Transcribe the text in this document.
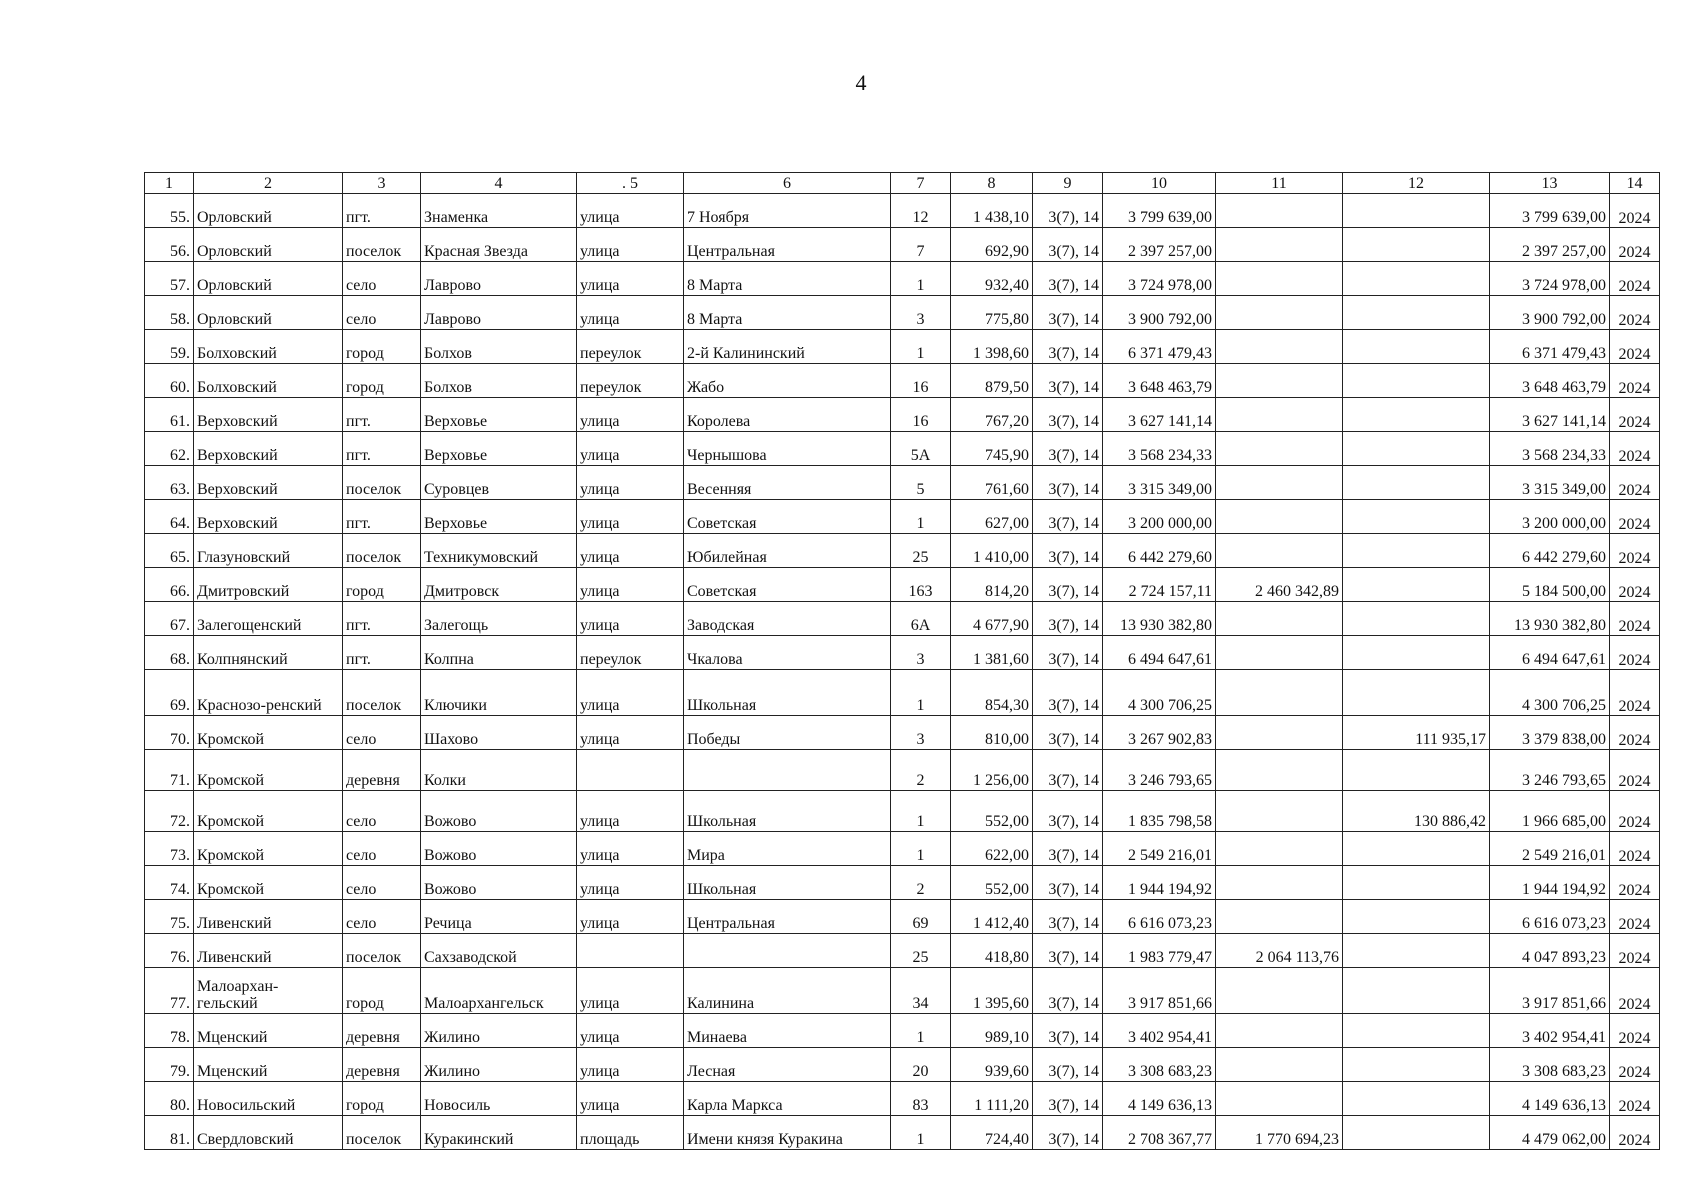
4
1	2	3	4	. 5	6	7	8	9	10	11	12	13	14
55.	Орловский	пгт.	Знаменка	улица	7 Ноября	12	1 438,10	3(7), 14	3 799 639,00			3 799 639,00	2024
56.	Орловский	поселок	Красная Звезда	улица	Центральная	7	692,90	3(7), 14	2 397 257,00			2 397 257,00	2024
57.	Орловский	село	Лаврово	улица	8 Марта	1	932,40	3(7), 14	3 724 978,00			3 724 978,00	2024
58.	Орловский	село	Лаврово	улица	8 Марта	3	775,80	3(7), 14	3 900 792,00			3 900 792,00	2024
59.	Болховский	город	Болхов	переулок	2-й Калининский	1	1 398,60	3(7), 14	6 371 479,43			6 371 479,43	2024
60.	Болховский	город	Болхов	переулок	Жабо	16	879,50	3(7), 14	3 648 463,79			3 648 463,79	2024
61.	Верховский	пгт.	Верховье	улица	Королева	16	767,20	3(7), 14	3 627 141,14			3 627 141,14	2024
62.	Верховский	пгт.	Верховье	улица	Чернышова	5А	745,90	3(7), 14	3 568 234,33			3 568 234,33	2024
63.	Верховский	поселок	Суровцев	улица	Весенняя	5	761,60	3(7), 14	3 315 349,00			3 315 349,00	2024
64.	Верховский	пгт.	Верховье	улица	Советская	1	627,00	3(7), 14	3 200 000,00			3 200 000,00	2024
65.	Глазуновский	поселок	Техникумовский	улица	Юбилейная	25	1 410,00	3(7), 14	6 442 279,60			6 442 279,60	2024
66.	Дмитровский	город	Дмитровск	улица	Советская	163	814,20	3(7), 14	2 724 157,11	2 460 342,89		5 184 500,00	2024
67.	Залегощенский	пгт.	Залегощь	улица	Заводская	6А	4 677,90	3(7), 14	13 930 382,80			13 930 382,80	2024
68.	Колпнянский	пгт.	Колпна	переулок	Чкалова	3	1 381,60	3(7), 14	6 494 647,61			6 494 647,61	2024
69.	Краснозо-ренский	поселок	Ключики	улица	Школьная	1	854,30	3(7), 14	4 300 706,25			4 300 706,25	2024
70.	Кромской	село	Шахово	улица	Победы	3	810,00	3(7), 14	3 267 902,83		111 935,17	3 379 838,00	2024
71.	Кромской	деревня	Колки			2	1 256,00	3(7), 14	3 246 793,65			3 246 793,65	2024
72.	Кромской	село	Вожово	улица	Школьная	1	552,00	3(7), 14	1 835 798,58		130 886,42	1 966 685,00	2024
73.	Кромской	село	Вожово	улица	Мира	1	622,00	3(7), 14	2 549 216,01			2 549 216,01	2024
74.	Кромской	село	Вожово	улица	Школьная	2	552,00	3(7), 14	1 944 194,92			1 944 194,92	2024
75.	Ливенский	село	Речица	улица	Центральная	69	1 412,40	3(7), 14	6 616 073,23			6 616 073,23	2024
76.	Ливенский	поселок	Сахзаводской			25	418,80	3(7), 14	1 983 779,47	2 064 113,76		4 047 893,23	2024
77.	Малоархан-гельский	город	Малоархангельск	улица	Калинина	34	1 395,60	3(7), 14	3 917 851,66			3 917 851,66	2024
78.	Мценский	деревня	Жилино	улица	Минаева	1	989,10	3(7), 14	3 402 954,41			3 402 954,41	2024
79.	Мценский	деревня	Жилино	улица	Лесная	20	939,60	3(7), 14	3 308 683,23			3 308 683,23	2024
80.	Новосильский	город	Новосиль	улица	Карла Маркса	83	1 111,20	3(7), 14	4 149 636,13			4 149 636,13	2024
81.	Свердловский	поселок	Куракинский	площадь	Имени князя Куракина	1	724,40	3(7), 14	2 708 367,77	1 770 694,23		4 479 062,00	2024
